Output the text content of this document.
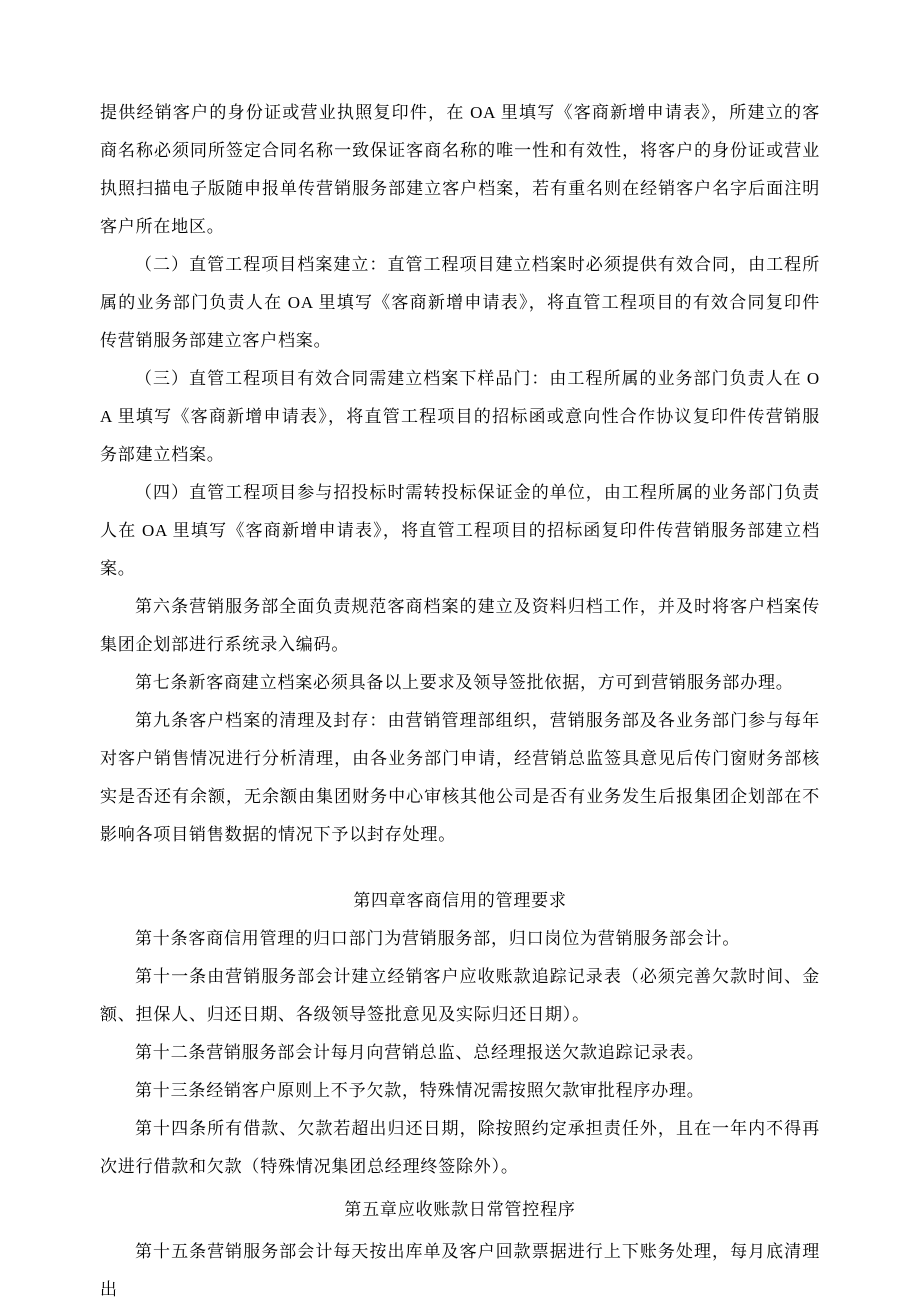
提供经销客户的身份证或营业执照复印件，在 OA 里填写《客商新增申请表》，所建立的客商名称必须同所签定合同名称一致保证客商名称的唯一性和有效性，将客户的身份证或营业执照扫描电子版随申报单传营销服务部建立客户档案，若有重名则在经销客户名字后面注明客户所在地区。

（二）直管工程项目档案建立：直管工程项目建立档案时必须提供有效合同，由工程所属的业务部门负责人在 OA 里填写《客商新增申请表》，将直管工程项目的有效合同复印件传营销服务部建立客户档案。

（三）直管工程项目有效合同需建立档案下样品门：由工程所属的业务部门负责人在 OA 里填写《客商新增申请表》，将直管工程项目的招标函或意向性合作协议复印件传营销服务部建立档案。

（四）直管工程项目参与招投标时需转投标保证金的单位，由工程所属的业务部门负责人在 OA 里填写《客商新增申请表》，将直管工程项目的招标函复印件传营销服务部建立档案。

第六条营销服务部全面负责规范客商档案的建立及资料归档工作，并及时将客户档案传集团企划部进行系统录入编码。

第七条新客商建立档案必须具备以上要求及领导签批依据，方可到营销服务部办理。

第九条客户档案的清理及封存：由营销管理部组织，营销服务部及各业务部门参与每年对客户销售情况进行分析清理，由各业务部门申请，经营销总监签具意见后传门窗财务部核实是否还有余额，无余额由集团财务中心审核其他公司是否有业务发生后报集团企划部在不影响各项目销售数据的情况下予以封存处理。

第四章客商信用的管理要求

第十条客商信用管理的归口部门为营销服务部，归口岗位为营销服务部会计。

第十一条由营销服务部会计建立经销客户应收账款追踪记录表（必须完善欠款时间、金额、担保人、归还日期、各级领导签批意见及实际归还日期）。

第十二条营销服务部会计每月向营销总监、总经理报送欠款追踪记录表。

第十三条经销客户原则上不予欠款，特殊情况需按照欠款审批程序办理。

第十四条所有借款、欠款若超出归还日期，除按照约定承担责任外，且在一年内不得再次进行借款和欠款（特殊情况集团总经理终签除外）。

第五章应收账款日常管控程序

第十五条营销服务部会计每天按出库单及客户回款票据进行上下账务处理，每月底清理出
